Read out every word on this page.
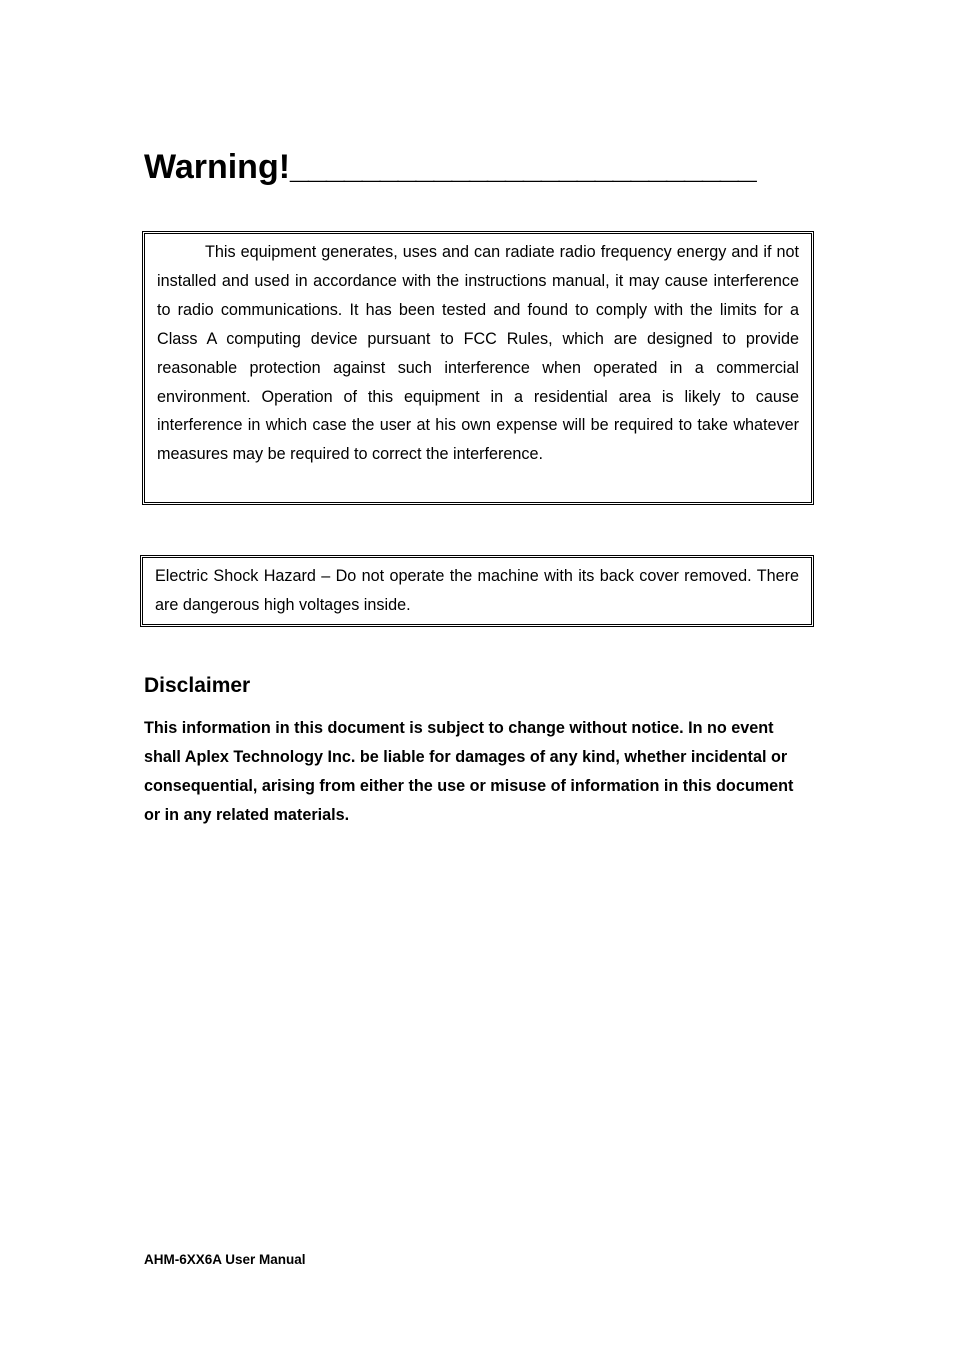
Warning!__________________________

This equipment generates, uses and can radiate radio frequency energy and if not installed and used in accordance with the instructions manual, it may cause interference to radio communications. It has been tested and found to comply with the limits for a Class A computing device pursuant to FCC Rules, which are designed to provide reasonable protection against such interference when operated in a commercial environment. Operation of this equipment in a residential area is likely to cause interference in which case the user at his own expense will be required to take whatever measures may be required to correct the interference.

Electric Shock Hazard – Do not operate the machine with its back cover removed. There are dangerous high voltages inside.

Disclaimer

This information in this document is subject to change without notice. In no event shall Aplex Technology Inc. be liable for damages of any kind, whether incidental or consequential, arising from either the use or misuse of information in this document or in any related materials.

AHM-6XX6A User Manual
